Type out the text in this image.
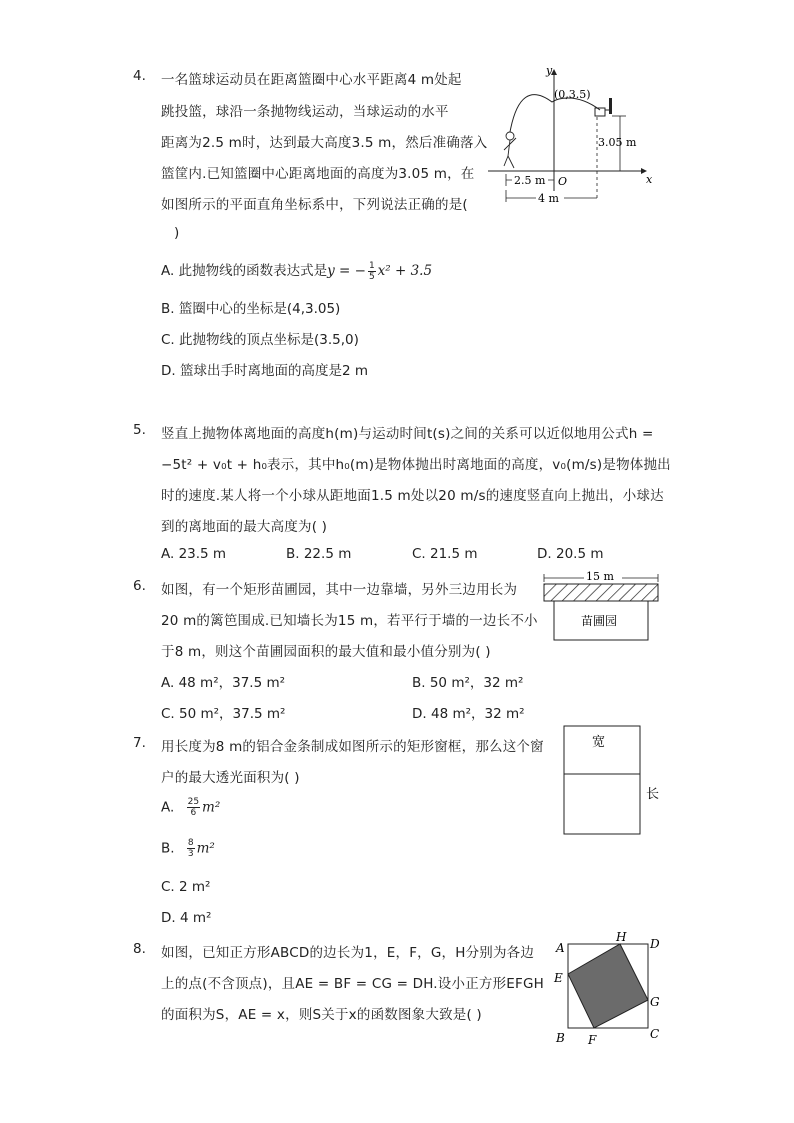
4. 一名篮球运动员在距离篮圈中心水平距离4 m处起
跳投篮，球沿一条抛物线运动，当球运动的水平
距离为2.5 m时，达到最大高度3.5 m，然后准确落入
篮筐内.已知篮圈中心距离地面的高度为3.05 m，在
如图所示的平面直角坐标系中，下列说法正确的是(
)
A. 此抛物线的函数表达式是y = − $\frac{1}{5} x^2 + 3.5$
B. 篮圈中心的坐标是(4,3.05)
C. 此抛物线的顶点坐标是(3.5,0)
D. 篮球出手时离地面的高度是2 m
y
x
(0,3.5)
3.05 m
2.5 m O
4 m
5. 竖直上抛物体离地面的高度h(m)与运动时间t(s)之间的关系可以近似地用公式h =
−5t² + v₀t + h₀表示，其中h₀(m)是物体抛出时离地面的高度，v₀(m/s)是物体抛出
时的速度.某人将一个小球从距地面1.5 m处以20 m/s的速度竖直向上抛出，小球达
到的离地面的最大高度为( )
A. 23.5 m	B. 22.5 m	C. 21.5 m	D. 20.5 m
6. 如图，有一个矩形苗圃园，其中一边靠墙，另外三边用长为
20 m的篱笆围成.已知墙长为15 m，若平行于墙的一边长不小
于8 m，则这个苗圃园面积的最大值和最小值分别为( )
A. 48 m²，37.5 m²	B. 50 m²，32 m²
C. 50 m²，37.5 m²	D. 48 m²，32 m²
15 m
苗圃园
7. 用长度为8 m的铝合金条制成如图所示的矩形窗框，那么这个窗
户的最大透光面积为( )
A. $\frac{25}{6} m^2$
B. $\frac{8}{3} m^2$
C. 2 m²
D. 4 m²
宽
长
8. 如图，已知正方形ABCD的边长为1，E，F，G，H分别为各边
上的点(不含顶点)，且AE = BF = CG = DH.设小正方形EFGH
的面积为S，AE = x，则S关于x的函数图象大致是( )
A	D
B	C
E
H
G
F
